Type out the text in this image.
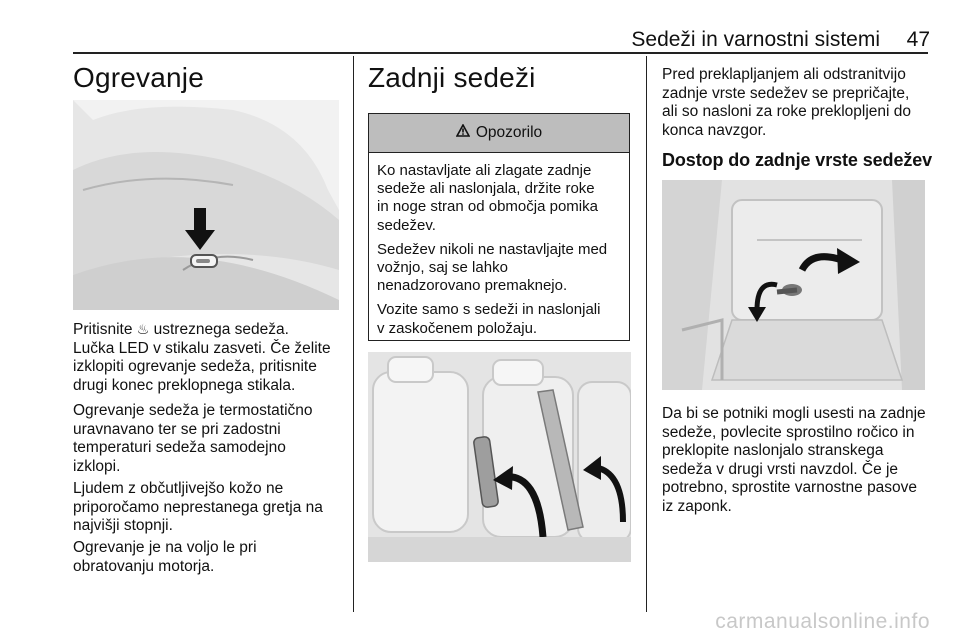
Sedeži in varnostni sistemi 47
Ogrevanje

Pritisnite ♨ ustreznega sedeža.
Lučka LED v stikalu zasveti. Če želite
izklopiti ogrevanje sedeža, pritisnite
drugi konec preklopnega stikala.

Ogrevanje sedeža je termostatično
uravnavano ter se pri zadostni
temperaturi sedeža samodejno
izklopi.

Ljudem z občutljivejšo kožo ne
priporočamo neprestanega gretja na
najvišji stopnji.

Ogrevanje je na voljo le pri
obratovanju motorja.

Zadnji sedeži
Opozorilo

Ko nastavljate ali zlagate zadnje
sedeže ali naslonjala, držite roke
in noge stran od območja pomika
sedežev.

Sedežev nikoli ne nastavljajte med
vožnjo, saj se lahko
nenadzorovano premaknejo.

Vozite samo s sedeži in naslonjali
v zaskočenem položaju.

Pred preklapljanjem ali odstranitvijo
zadnje vrste sedežev se prepričajte,
ali so nasloni za roke preklopljeni do
konca navzgor.

Dostop do zadnje vrste sedežev

Da bi se potniki mogli usesti na zadnje
sedeže, povlecite sprostilno ročico in
preklopite naslonjalo stranskega
sedeža v drugi vrsti navzdol. Če je
potrebno, sprostite varnostne pasove
iz zaponk.

carmanualsonline.info
